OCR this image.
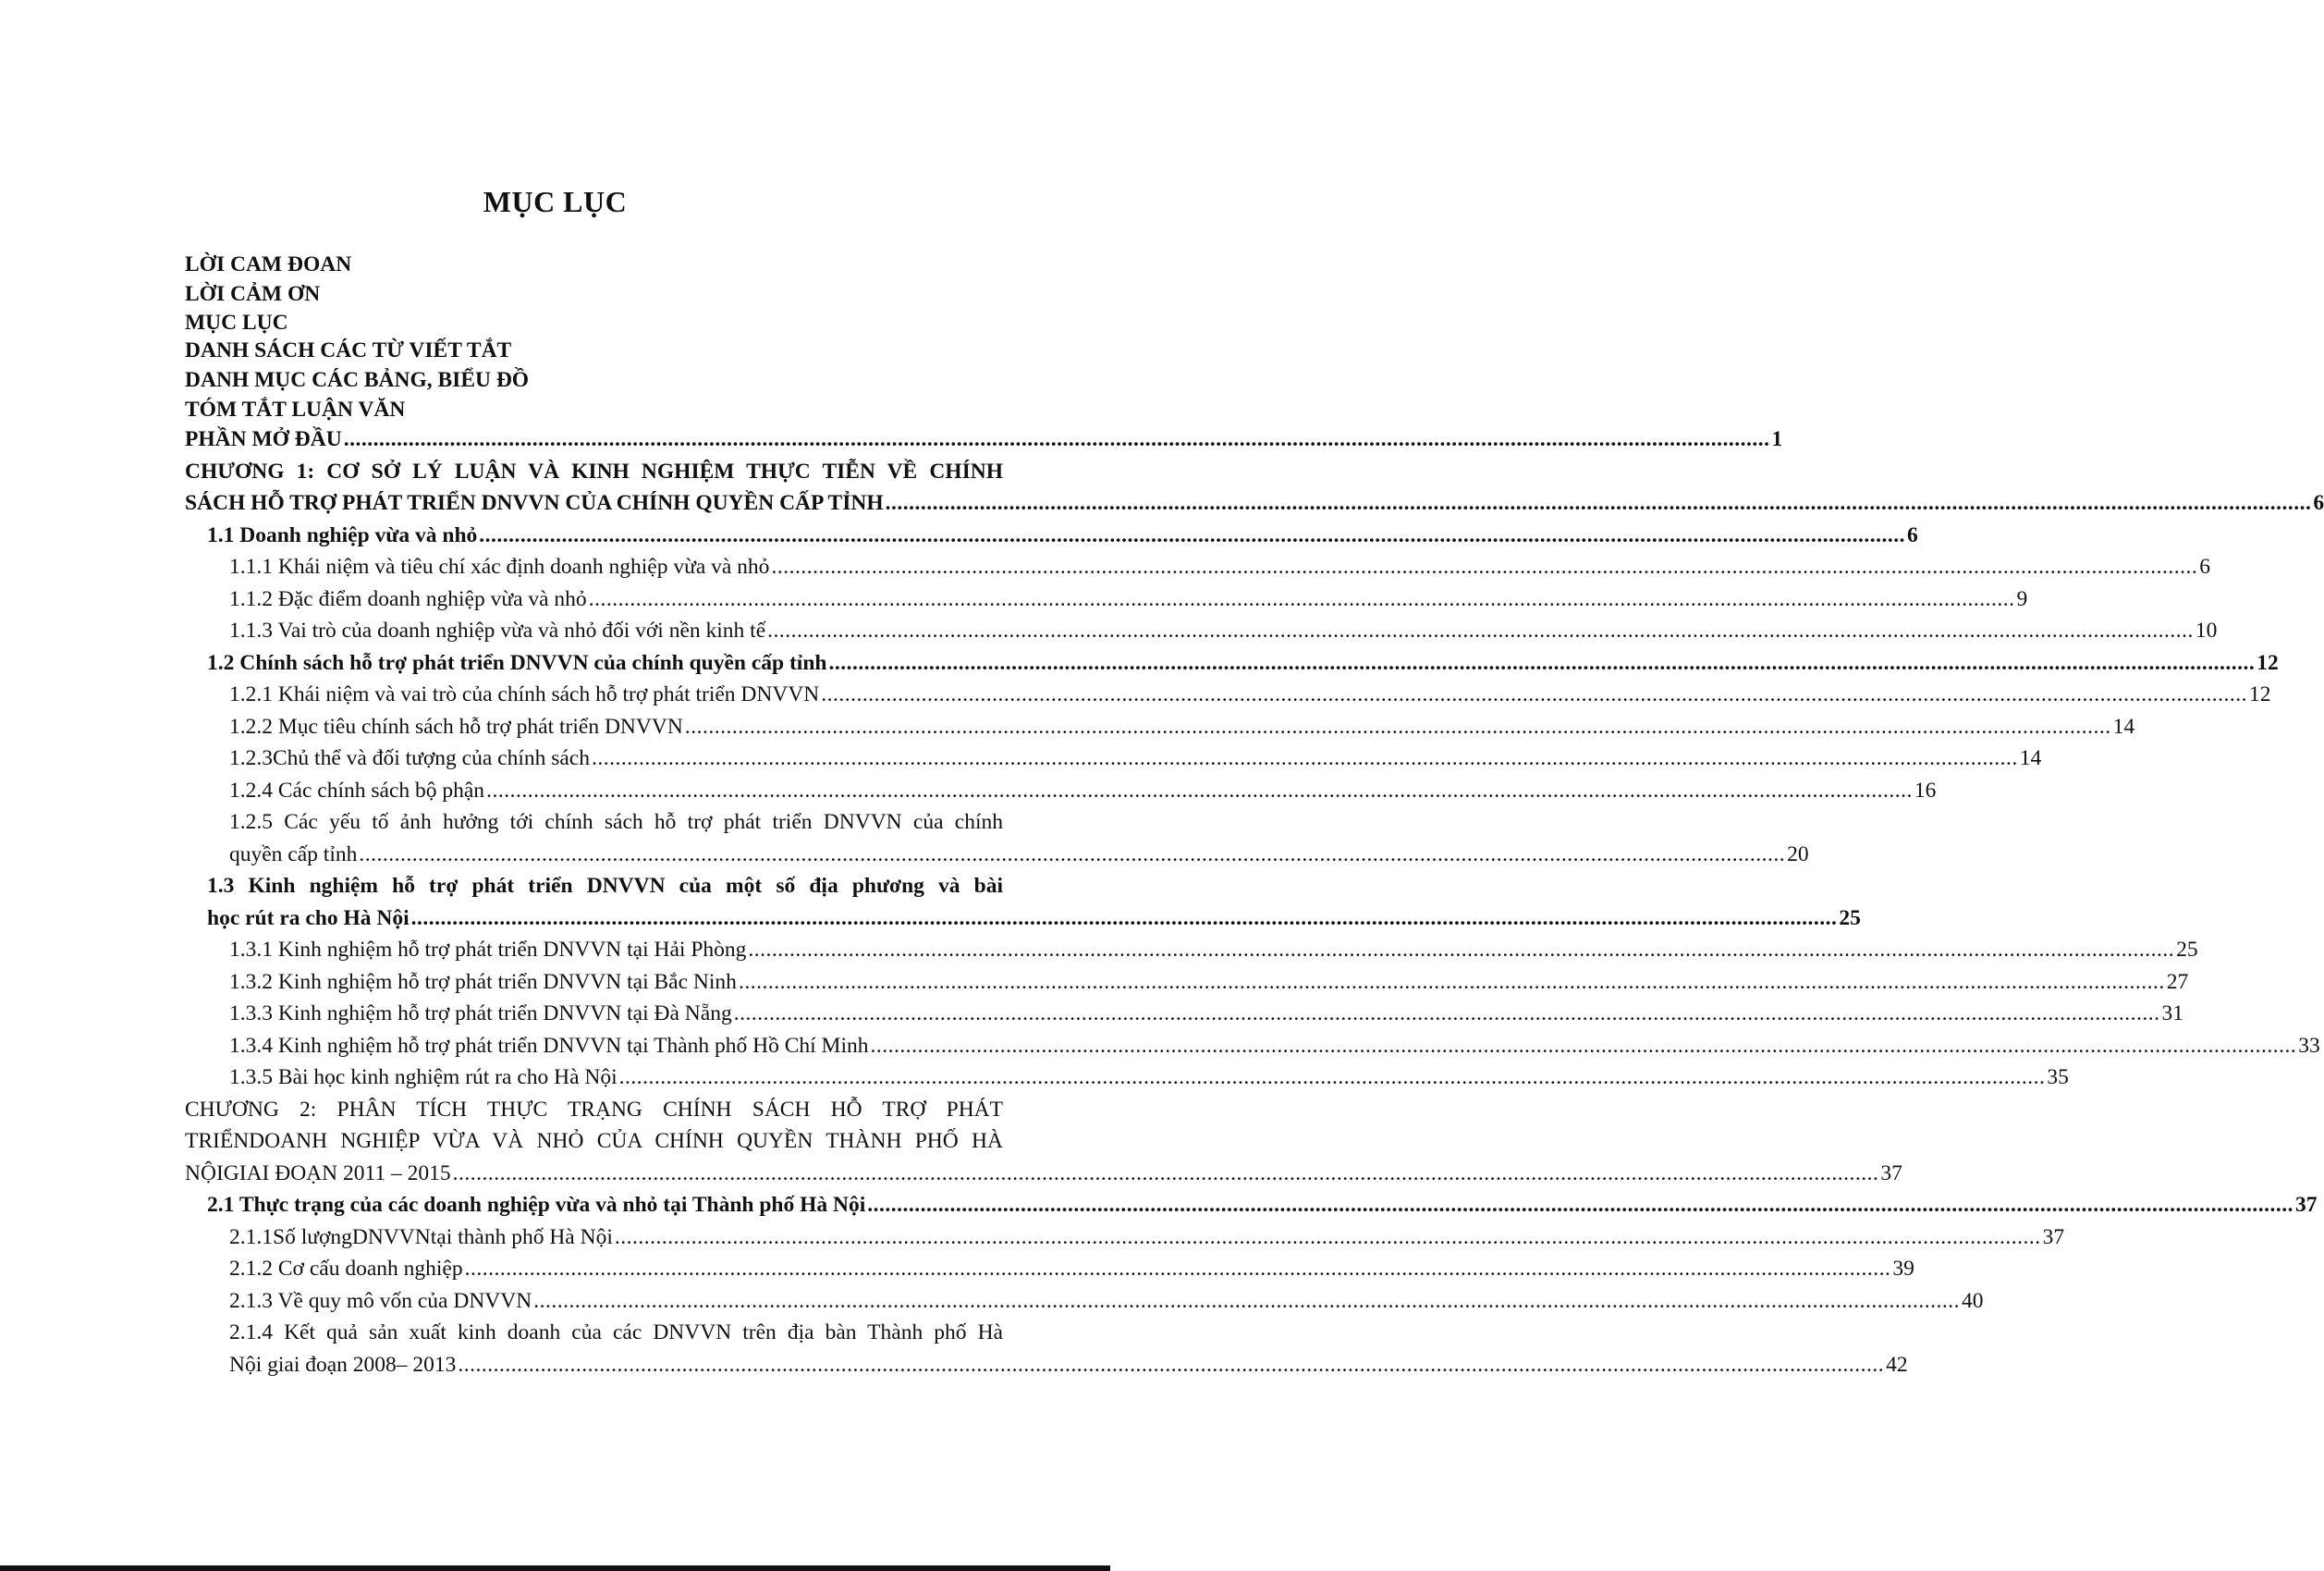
MỤC LỤC
LỜI CAM ĐOAN
LỜI CẢM ƠN
MỤC LỤC
DANH SÁCH CÁC TỪ VIẾT TẮT
DANH MỤC CÁC BẢNG, BIỂU ĐỒ
TÓM TẮT LUẬN VĂN
PHẦN MỞ ĐẦU .................................................................................................................................................................................................................................................. 1
CHƯƠNG 1: CƠ SỞ LÝ LUẬN VÀ KINH NGHIỆM THỰC TIỄN VỀ CHÍNH
SÁCH HỖ TRỢ PHÁT TRIỂN DNVVN CỦA CHÍNH QUYỀN CẤP TỈNH .................................................................................................................................................................................................................................................. 6
1.1 Doanh nghiệp vừa và nhỏ .................................................................................................................................................................................................................................................. 6
1.1.1 Khái niệm và tiêu chí xác định doanh nghiệp vừa và nhỏ .................................................................................................................................................................................................................................................. 6
1.1.2 Đặc điểm doanh nghiệp vừa và nhỏ .................................................................................................................................................................................................................................................. 9
1.1.3 Vai trò của doanh nghiệp vừa và nhỏ đối với nền kinh tế .................................................................................................................................................................................................................................................. 10
1.2 Chính sách hỗ trợ phát triển DNVVN của chính quyền cấp tỉnh .................................................................................................................................................................................................................................................. 12
1.2.1 Khái niệm và vai trò của chính sách hỗ trợ phát triển DNVVN .................................................................................................................................................................................................................................................. 12
1.2.2 Mục tiêu chính sách hỗ trợ phát triển DNVVN .................................................................................................................................................................................................................................................. 14
1.2.3Chủ thể và đối tượng của chính sách .................................................................................................................................................................................................................................................. 14
1.2.4 Các chính sách bộ phận .................................................................................................................................................................................................................................................. 16
1.2.5 Các yếu tố ảnh hưởng tới chính sách hỗ trợ phát triển DNVVN của chính
quyền cấp tỉnh .................................................................................................................................................................................................................................................. 20
1.3 Kinh nghiệm hỗ trợ phát triển DNVVN của một số địa phương và bài
học rút ra cho Hà Nội .................................................................................................................................................................................................................................................. 25
1.3.1 Kinh nghiệm hỗ trợ phát triển DNVVN tại Hải Phòng .................................................................................................................................................................................................................................................. 25
1.3.2 Kinh nghiệm hỗ trợ phát triển DNVVN tại Bắc Ninh .................................................................................................................................................................................................................................................. 27
1.3.3 Kinh nghiệm hỗ trợ phát triển DNVVN tại Đà Nẵng .................................................................................................................................................................................................................................................. 31
1.3.4 Kinh nghiệm hỗ trợ phát triển DNVVN tại Thành phố Hồ Chí Minh .................................................................................................................................................................................................................................................. 33
1.3.5 Bài học kinh nghiệm rút ra cho Hà Nội .................................................................................................................................................................................................................................................. 35
CHƯƠNG 2: PHÂN TÍCH THỰC TRẠNG CHÍNH SÁCH HỖ TRỢ PHÁT
TRIỂNDOANH NGHIỆP VỪA VÀ NHỎ CỦA CHÍNH QUYỀN THÀNH PHỐ HÀ
NỘIGIAI ĐOẠN 2011 – 2015 .................................................................................................................................................................................................................................................. 37
2.1 Thực trạng của các doanh nghiệp vừa và nhỏ tại Thành phố Hà Nội .................................................................................................................................................................................................................................................. 37
2.1.1Số lượngDNVVNtại thành phố Hà Nội .................................................................................................................................................................................................................................................. 37
2.1.2 Cơ cấu doanh nghiệp .................................................................................................................................................................................................................................................. 39
2.1.3 Về quy mô vốn của DNVVN .................................................................................................................................................................................................................................................. 40
2.1.4 Kết quả sản xuất kinh doanh của các DNVVN trên địa bàn Thành phố Hà
Nội giai đoạn 2008– 2013 .................................................................................................................................................................................................................................................. 42
